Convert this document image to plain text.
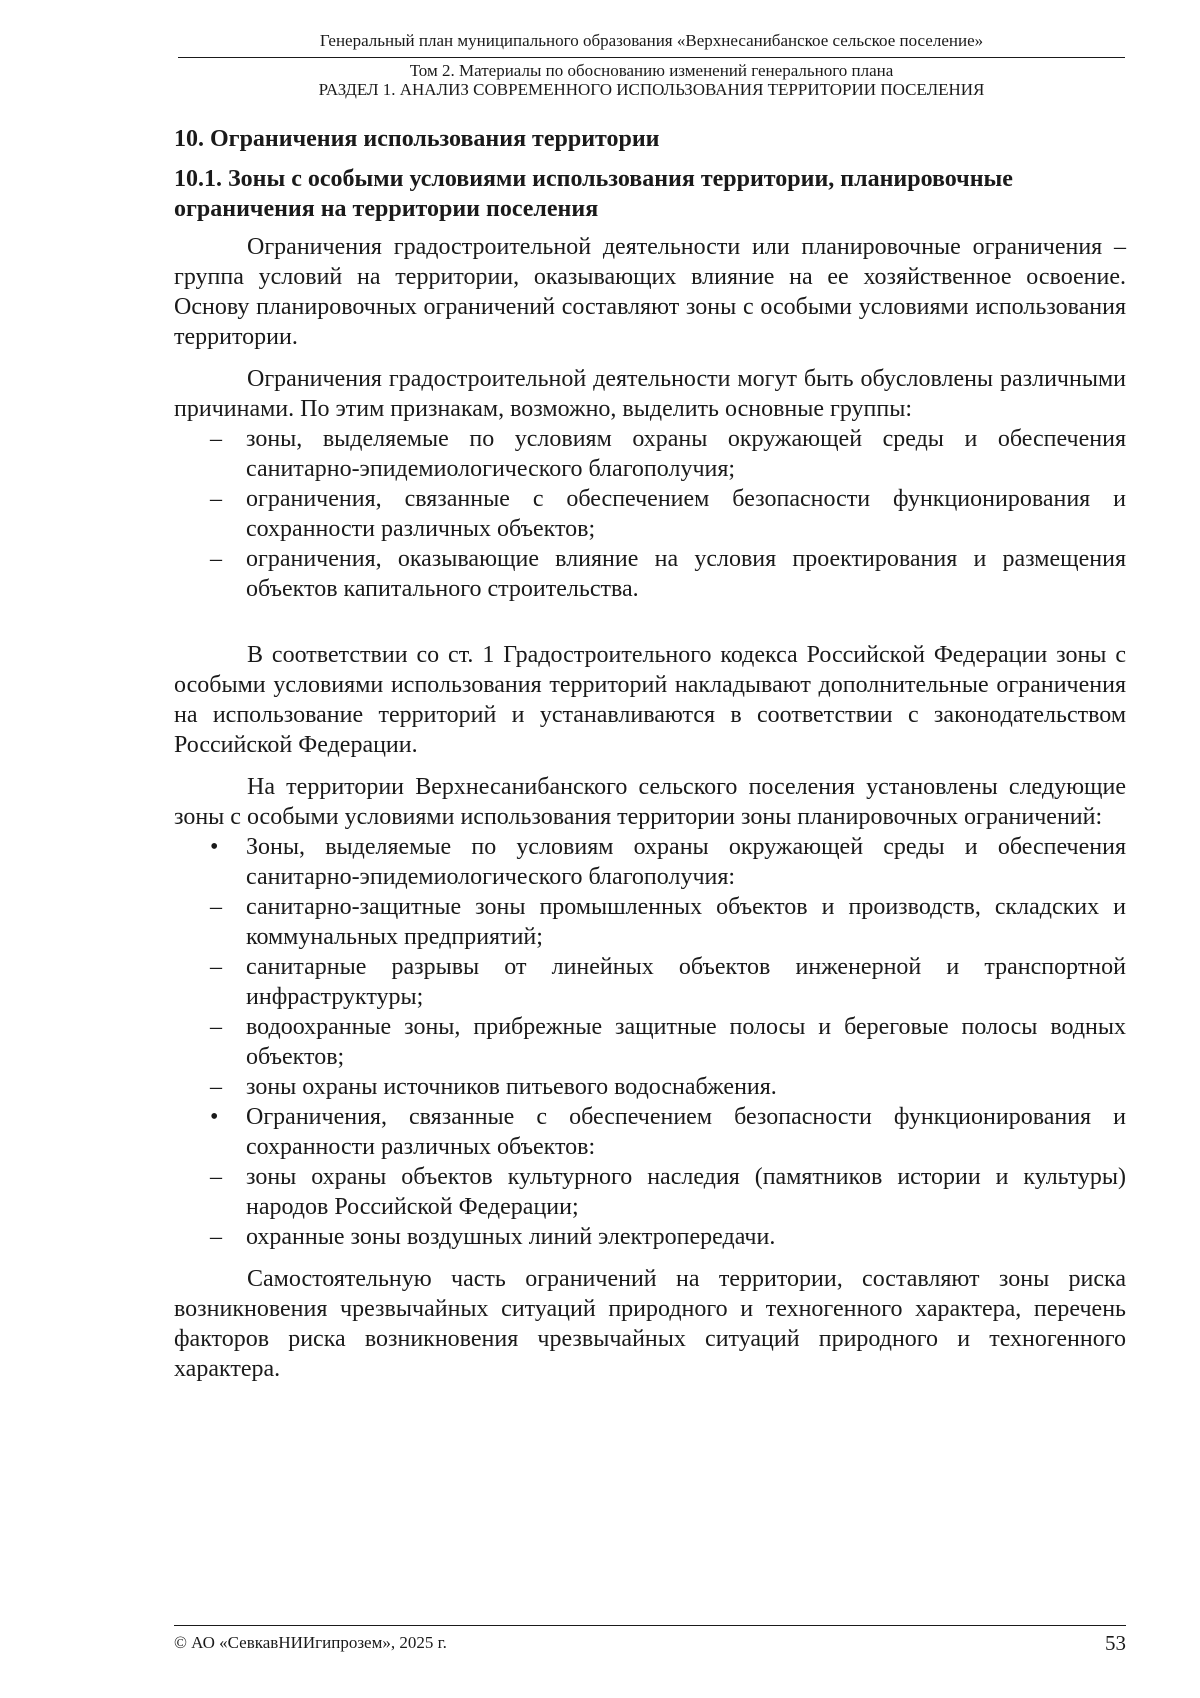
Генеральный план муниципального образования «Верхнесанибанское сельское поселение»
Том 2. Материалы по обоснованию изменений генерального плана
РАЗДЕЛ 1. АНАЛИЗ СОВРЕМЕННОГО ИСПОЛЬЗОВАНИЯ ТЕРРИТОРИИ ПОСЕЛЕНИЯ
10. Ограничения использования территории
10.1. Зоны с особыми условиями использования территории, планировочные ограничения на территории поселения

Ограничения градостроительной деятельности или планировочные ограничения – группа условий на территории, оказывающих влияние на ее хозяйственное освоение. Основу планировочных ограничений составляют зоны с особыми условиями использования территории.

Ограничения градостроительной деятельности могут быть обусловлены различными причинами. По этим признакам, возможно, выделить основные группы:

–	зоны, выделяемые по условиям охраны окружающей среды и обеспечения санитарно-эпидемиологического благополучия;
–	ограничения, связанные с обеспечением безопасности функционирования и сохранности различных объектов;
–	ограничения, оказывающие влияние на условия проектирования и размещения объектов капитального строительства.

В соответствии со ст. 1 Градостроительного кодекса Российской Федерации зоны с особыми условиями использования территорий накладывают дополнительные ограничения на использование территорий и устанавливаются в соответствии с законодательством Российской Федерации.

На территории Верхнесанибанского сельского поселения установлены следующие зоны с особыми условиями использования территории зоны планировочных ограничений:

•	Зоны, выделяемые по условиям охраны окружающей среды и обеспечения санитарно-эпидемиологического благополучия:
–	санитарно-защитные зоны промышленных объектов и производств, складских и коммунальных предприятий;
–	санитарные разрывы от линейных объектов инженерной и транспортной инфраструктуры;
–	водоохранные зоны, прибрежные защитные полосы и береговые полосы водных объектов;
–	зоны охраны источников питьевого водоснабжения.
•	Ограничения, связанные с обеспечением безопасности функционирования и сохранности различных объектов:
–	зоны охраны объектов культурного наследия (памятников истории и культуры) народов Российской Федерации;
–	охранные зоны воздушных линий электропередачи.

Самостоятельную часть ограничений на территории, составляют зоны риска возникновения чрезвычайных ситуаций природного и техногенного характера, перечень факторов риска возникновения чрезвычайных ситуаций природного и техногенного характера.

© АО «СевкавНИИгипрозем», 2025 г.	53
